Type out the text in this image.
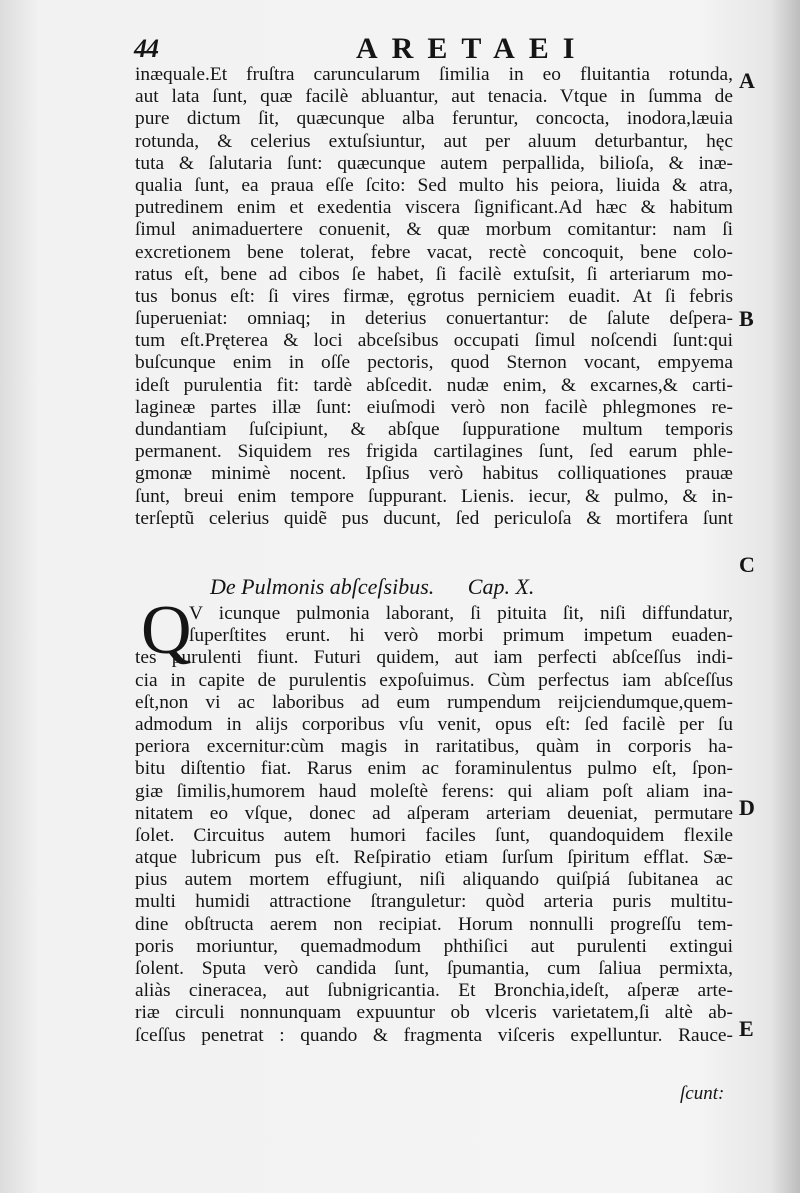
44	ARETAEI
inæquale.Et fruſtra caruncularum ſimilia in eo fluitantia rotunda,
aut lata ſunt, quæ facilè abluantur, aut tenacia. Vtque in ſumma de
pure dictum ſit, quæcunque alba feruntur, concocta, inodora,læuia
rotunda, & celerius extuſsiuntur, aut per aluum deturbantur, hęc
tuta & ſalutaria ſunt: quæcunque autem perpallida, bilioſa, & inæ-
qualia ſunt, ea praua eſſe ſcito: Sed multo his peiora, liuida & atra,
putredinem enim et exedentia viscera ſignificant.Ad hæc & habitum
ſimul animaduertere conuenit, & quæ morbum comitantur: nam ſi
excretionem bene tolerat, febre vacat, rectè concoquit, bene colo-
ratus eſt, bene ad cibos ſe habet, ſi facilè extuſsit, ſi arteriarum mo-
tus bonus eſt: ſi vires firmæ, ęgrotus perniciem euadit. At ſi febris
ſuperueniat: omniaq; in deterius conuertantur: de ſalute deſpera-
tum eſt.Pręterea & loci abceſsibus occupati ſimul noſcendi ſunt:qui
buſcunque enim in oſſe pectoris, quod Sternon vocant, empyema
ideſt purulentia fit: tardè abſcedit. nudæ enim, & excarnes,& carti-
lagineæ partes illæ ſunt: eiuſmodi verò non facilè phlegmones re-
dundantiam ſuſcipiunt, & abſque ſuppuratione multum temporis
permanent. Siquidem res frigida cartilagines ſunt, ſed earum phle-
gmonæ minimè nocent. Ipſius verò habitus colliquationes prauæ
ſunt, breui enim tempore ſuppurant. Lienis. iecur, & pulmo, & in-
terſeptũ celerius quidẽ pus ducunt, ſed periculoſa & mortifera ſunt
De Pulmonis abſceſsibus. Cap. X.
Q
V icunque pulmonia laborant, ſi pituita ſit, niſi diffundatur,
ſuperſtites erunt. hi verò morbi primum impetum euaden-
tes purulenti fiunt. Futuri quidem, aut iam perfecti abſceſſus indi-
cia in capite de purulentis expoſuimus. Cùm perfectus iam abſceſſus
eſt,non vi ac laboribus ad eum rumpendum reijciendumque,quem-
admodum in alijs corporibus vſu venit, opus eſt: ſed facilè per ſu
periora excernitur:cùm magis in raritatibus, quàm in corporis ha-
bitu diſtentio fiat. Rarus enim ac foraminulentus pulmo eſt, ſpon-
giæ ſimilis,humorem haud moleſtè ferens: qui aliam poſt aliam ina-
nitatem eo vſque, donec ad aſperam arteriam deueniat, permutare
ſolet. Circuitus autem humori faciles ſunt, quandoquidem flexile
atque lubricum pus eſt. Reſpiratio etiam ſurſum ſpiritum efflat. Sæ-
pius autem mortem effugiunt, niſi aliquando quiſpiá ſubitanea ac
multi humidi attractione ſtranguletur: quòd arteria puris multitu-
dine obſtructa aerem non recipiat. Horum nonnulli progreſſu tem-
poris moriuntur, quemadmodum phthiſici aut purulenti extingui
ſolent. Sputa verò candida ſunt, ſpumantia, cum ſaliua permixta,
aliàs cineracea, aut ſubnigricantia. Et Bronchia,ideſt, aſperæ arte-
riæ circuli nonnunquam expuuntur ob vlceris varietatem,ſi altè ab-
ſceſſus penetrat : quando & fragmenta viſceris expelluntur. Rauce-
ſcunt:
A
B
C
D
E
